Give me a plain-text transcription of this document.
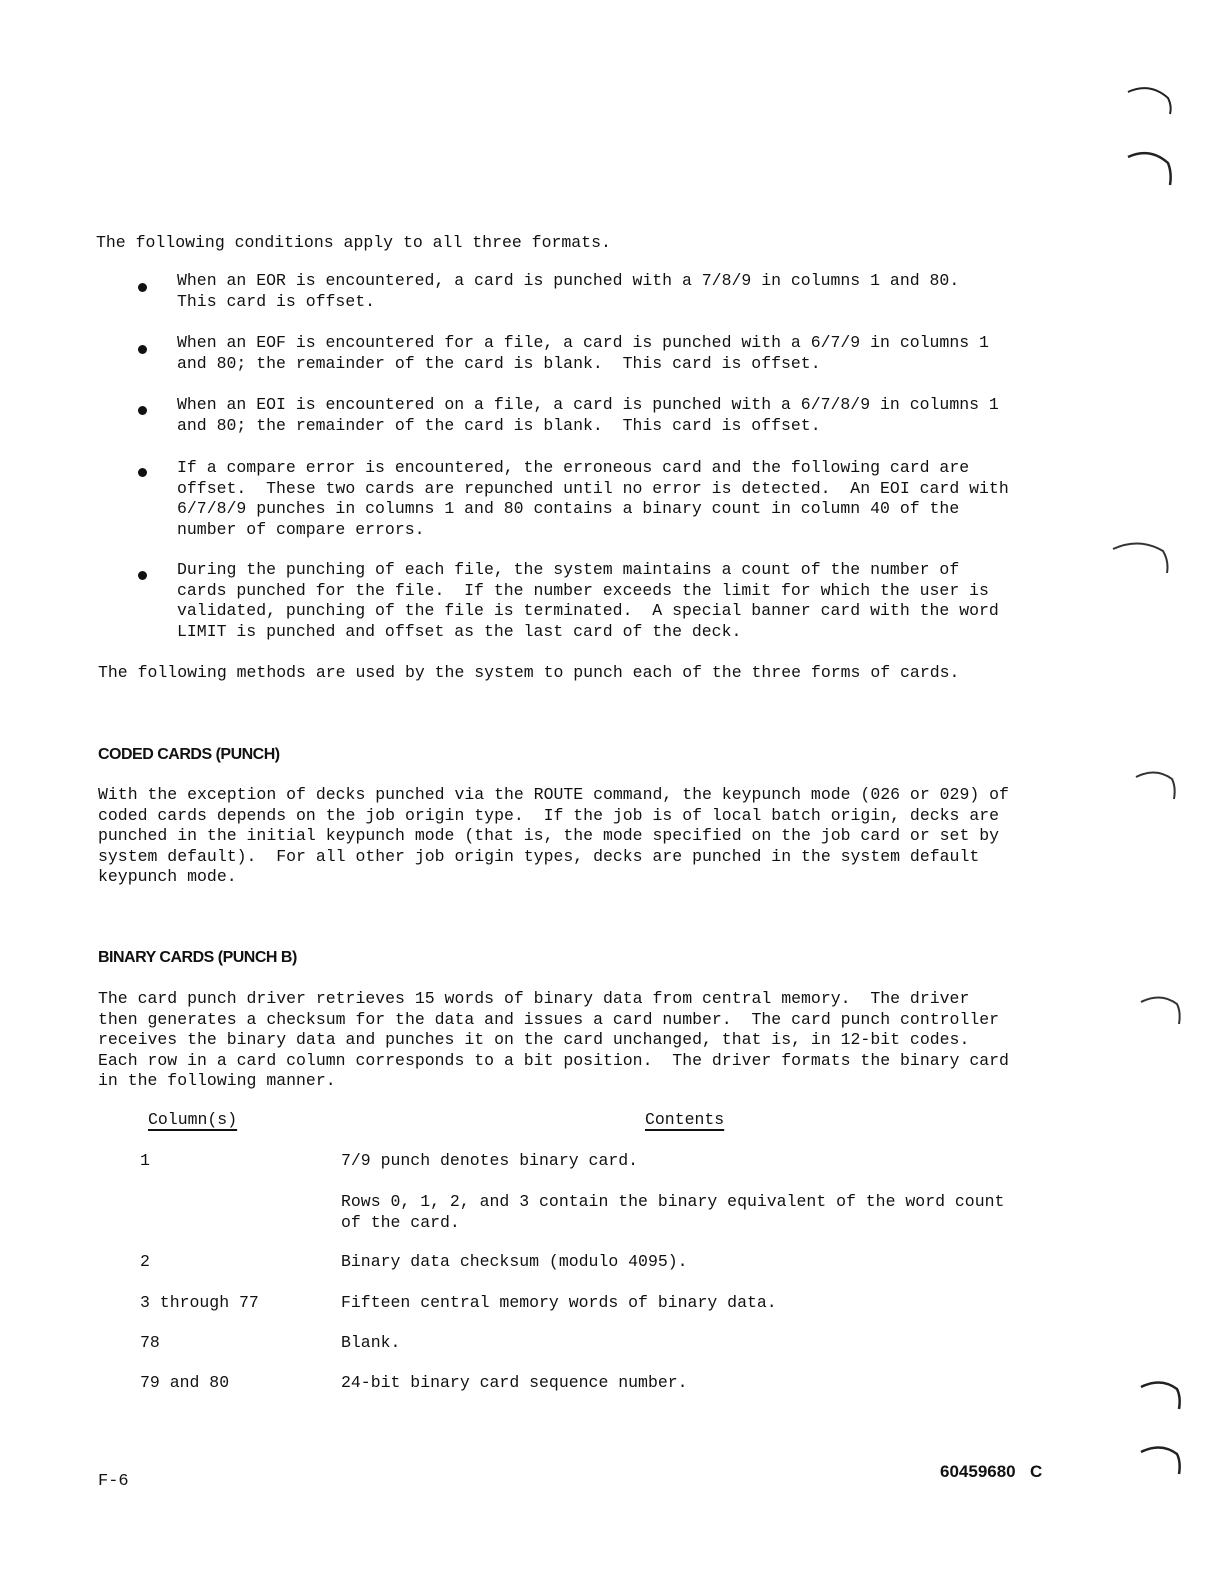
The following conditions apply to all three formats.
When an EOR is encountered, a card is punched with a 7/8/9 in columns 1 and 80.
This card is offset.
When an EOF is encountered for a file, a card is punched with a 6/7/9 in columns 1
and 80; the remainder of the card is blank.  This card is offset.
When an EOI is encountered on a file, a card is punched with a 6/7/8/9 in columns 1
and 80; the remainder of the card is blank.  This card is offset.
If a compare error is encountered, the erroneous card and the following card are
offset.  These two cards are repunched until no error is detected.  An EOI card with
6/7/8/9 punches in columns 1 and 80 contains a binary count in column 40 of the
number of compare errors.
During the punching of each file, the system maintains a count of the number of
cards punched for the file.  If the number exceeds the limit for which the user is
validated, punching of the file is terminated.  A special banner card with the word
LIMIT is punched and offset as the last card of the deck.
The following methods are used by the system to punch each of the three forms of cards.
CODED CARDS (PUNCH)
With the exception of decks punched via the ROUTE command, the keypunch mode (026 or 029) of
coded cards depends on the job origin type.  If the job is of local batch origin, decks are
punched in the initial keypunch mode (that is, the mode specified on the job card or set by
system default).  For all other job origin types, decks are punched in the system default
keypunch mode.
BINARY CARDS (PUNCH B)
The card punch driver retrieves 15 words of binary data from central memory.  The driver
then generates a checksum for the data and issues a card number.  The card punch controller
receives the binary data and punches it on the card unchanged, that is, in 12-bit codes.
Each row in a card column corresponds to a bit position.  The driver formats the binary card
in the following manner.
Column(s)	Contents
1	7/9 punch denotes binary card.
Rows 0, 1, 2, and 3 contain the binary equivalent of the word count
of the card.
2	Binary data checksum (modulo 4095).
3 through 77	Fifteen central memory words of binary data.
78	Blank.
79 and 80	24-bit binary card sequence number.
F-6
60459680 C
